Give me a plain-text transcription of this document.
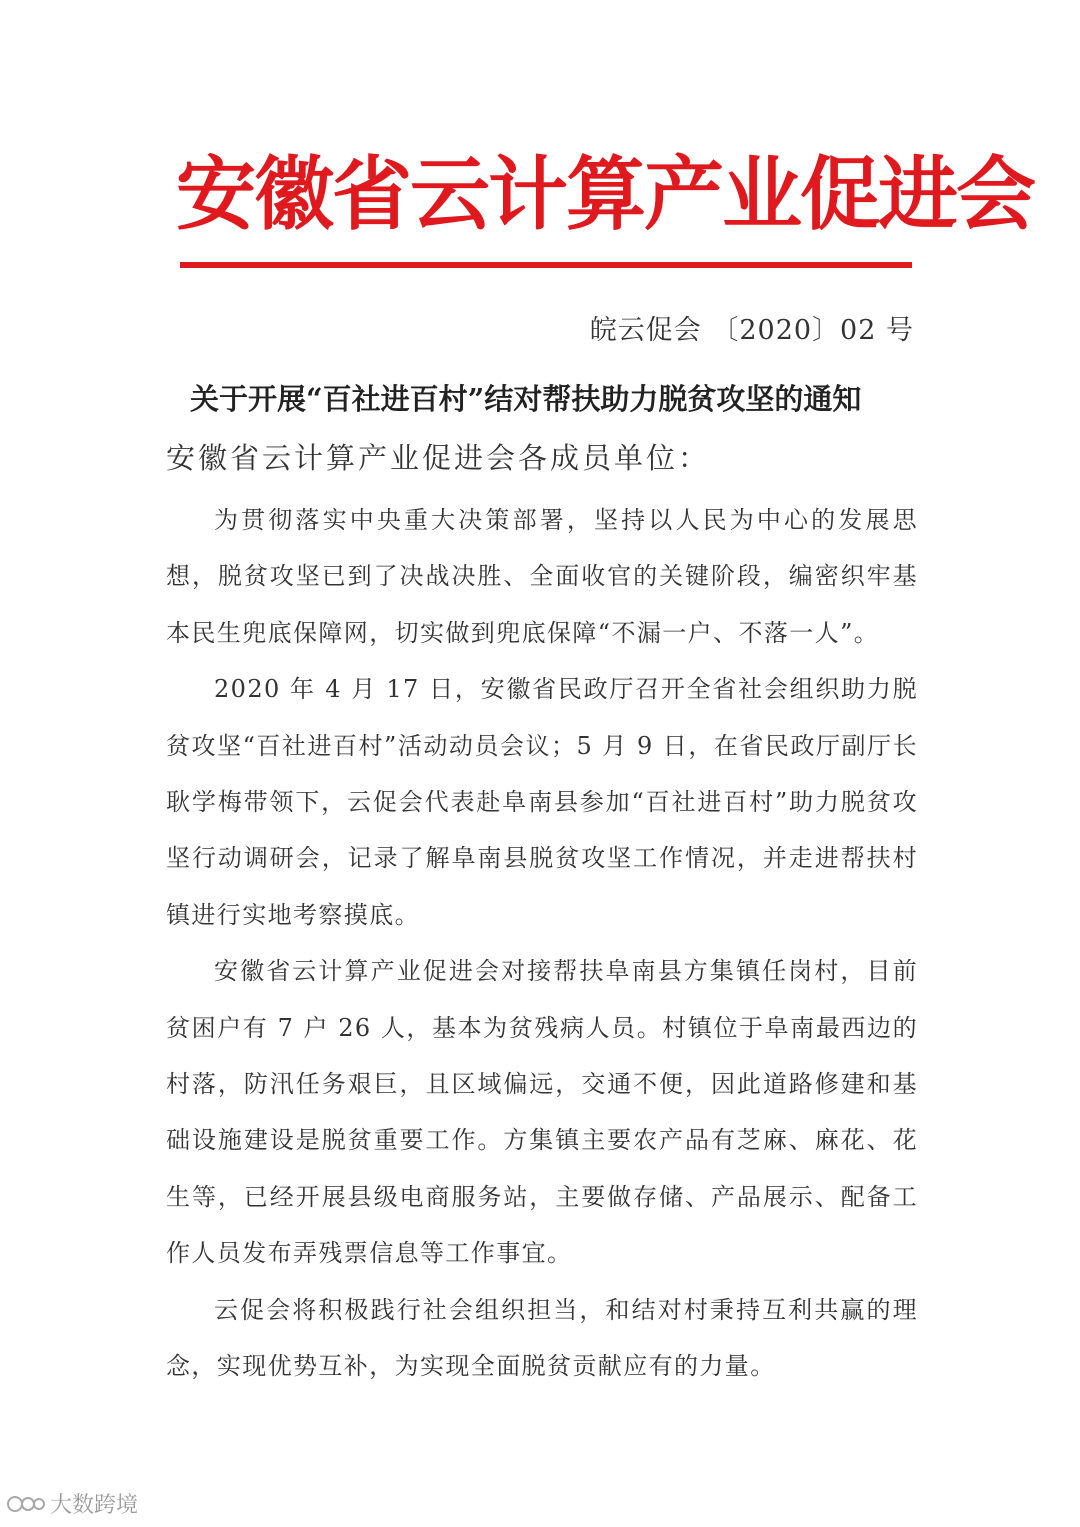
安徽省云计算产业促进会
皖云促会 〔2020〕02 号
关于开展“百社进百村”结对帮扶助力脱贫攻坚的通知
安徽省云计算产业促进会各成员单位：

为贯彻落实中央重大决策部署，坚持以人民为中心的发展思想，脱贫攻坚已到了决战决胜、全面收官的关键阶段，编密织牢基本民生兜底保障网，切实做到兜底保障“不漏一户、不落一人”。

2020 年 4 月 17 日，安徽省民政厅召开全省社会组织助力脱贫攻坚“百社进百村”活动动员会议；5 月 9 日，在省民政厅副厅长耿学梅带领下，云促会代表赴阜南县参加“百社进百村”助力脱贫攻坚行动调研会，记录了解阜南县脱贫攻坚工作情况，并走进帮扶村镇进行实地考察摸底。

安徽省云计算产业促进会对接帮扶阜南县方集镇任岗村，目前贫困户有 7 户 26 人，基本为贫残病人员。村镇位于阜南最西边的村落，防汛任务艰巨，且区域偏远，交通不便，因此道路修建和基础设施建设是脱贫重要工作。方集镇主要农产品有芝麻、麻花、花生等，已经开展县级电商服务站，主要做存储、产品展示、配备工作人员发布弄残票信息等工作事宜。

云促会将积极践行社会组织担当，和结对村秉持互利共赢的理念，实现优势互补，为实现全面脱贫贡献应有的力量。

大数跨境
